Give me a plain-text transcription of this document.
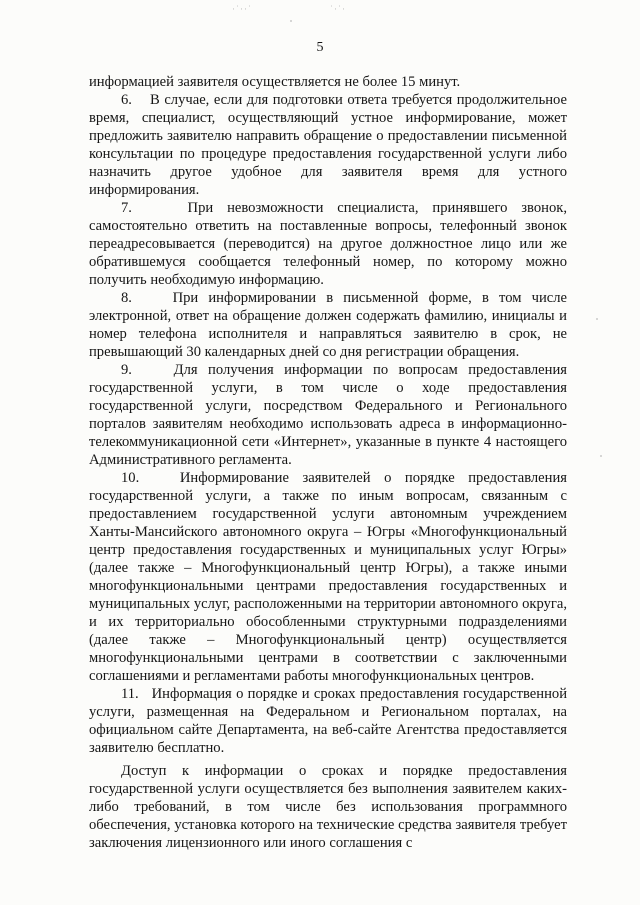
·˙··˙	˙·˙·
5

информацией заявителя осуществляется не более 15 минут.

6.    В случае, если для подготовки ответа требуется продолжительное время, специалист, осуществляющий устное информирование, может предложить заявителю направить обращение о предоставлении письменной консультации по процедуре предоставления государственной услуги либо назначить другое удобное для заявителя время для устного информирования.

7.    При невозможности специалиста, принявшего звонок, самостоятельно ответить на поставленные вопросы, телефонный звонок переадресовывается (переводится) на другое должностное лицо или же обратившемуся сообщается телефонный номер, по которому можно получить необходимую информацию.

8.    При информировании в письменной форме, в том числе электронной, ответ на обращение должен содержать фамилию, инициалы и номер телефона исполнителя и направляться заявителю в срок, не превышающий 30 календарных дней со дня регистрации обращения.

9.    Для получения информации по вопросам предоставления государственной услуги, в том числе о ходе предоставления государственной услуги, посредством Федерального и Регионального порталов заявителям необходимо использовать адреса в информационно-телекоммуникационной сети «Интернет», указанные в пункте 4 настоящего Административного регламента.

10.   Информирование заявителей о порядке предоставления государственной услуги, а также по иным вопросам, связанным с предоставлением государственной услуги автономным учреждением Ханты-Мансийского автономного округа – Югры «Многофункциональный центр предоставления государственных и муниципальных услуг Югры» (далее также – Многофункциональный центр Югры), а также иными многофункциональными центрами предоставления государственных и муниципальных услуг, расположенными на территории автономного округа, и их территориально обособленными структурными подразделениями (далее также – Многофункциональный центр) осуществляется многофункциональными центрами в соответствии с заключенными соглашениями и регламентами работы многофункциональных центров.

11.   Информация о порядке и сроках предоставления государственной услуги, размещенная на Федеральном и Региональном порталах, на официальном сайте Департамента, на веб-сайте Агентства предоставляется заявителю бесплатно.

Доступ к информации о сроках и порядке предоставления государственной услуги осуществляется без выполнения заявителем каких-либо требований, в том числе без использования программного обеспечения, установка которого на технические средства заявителя требует заключения лицензионного или иного соглашения с
